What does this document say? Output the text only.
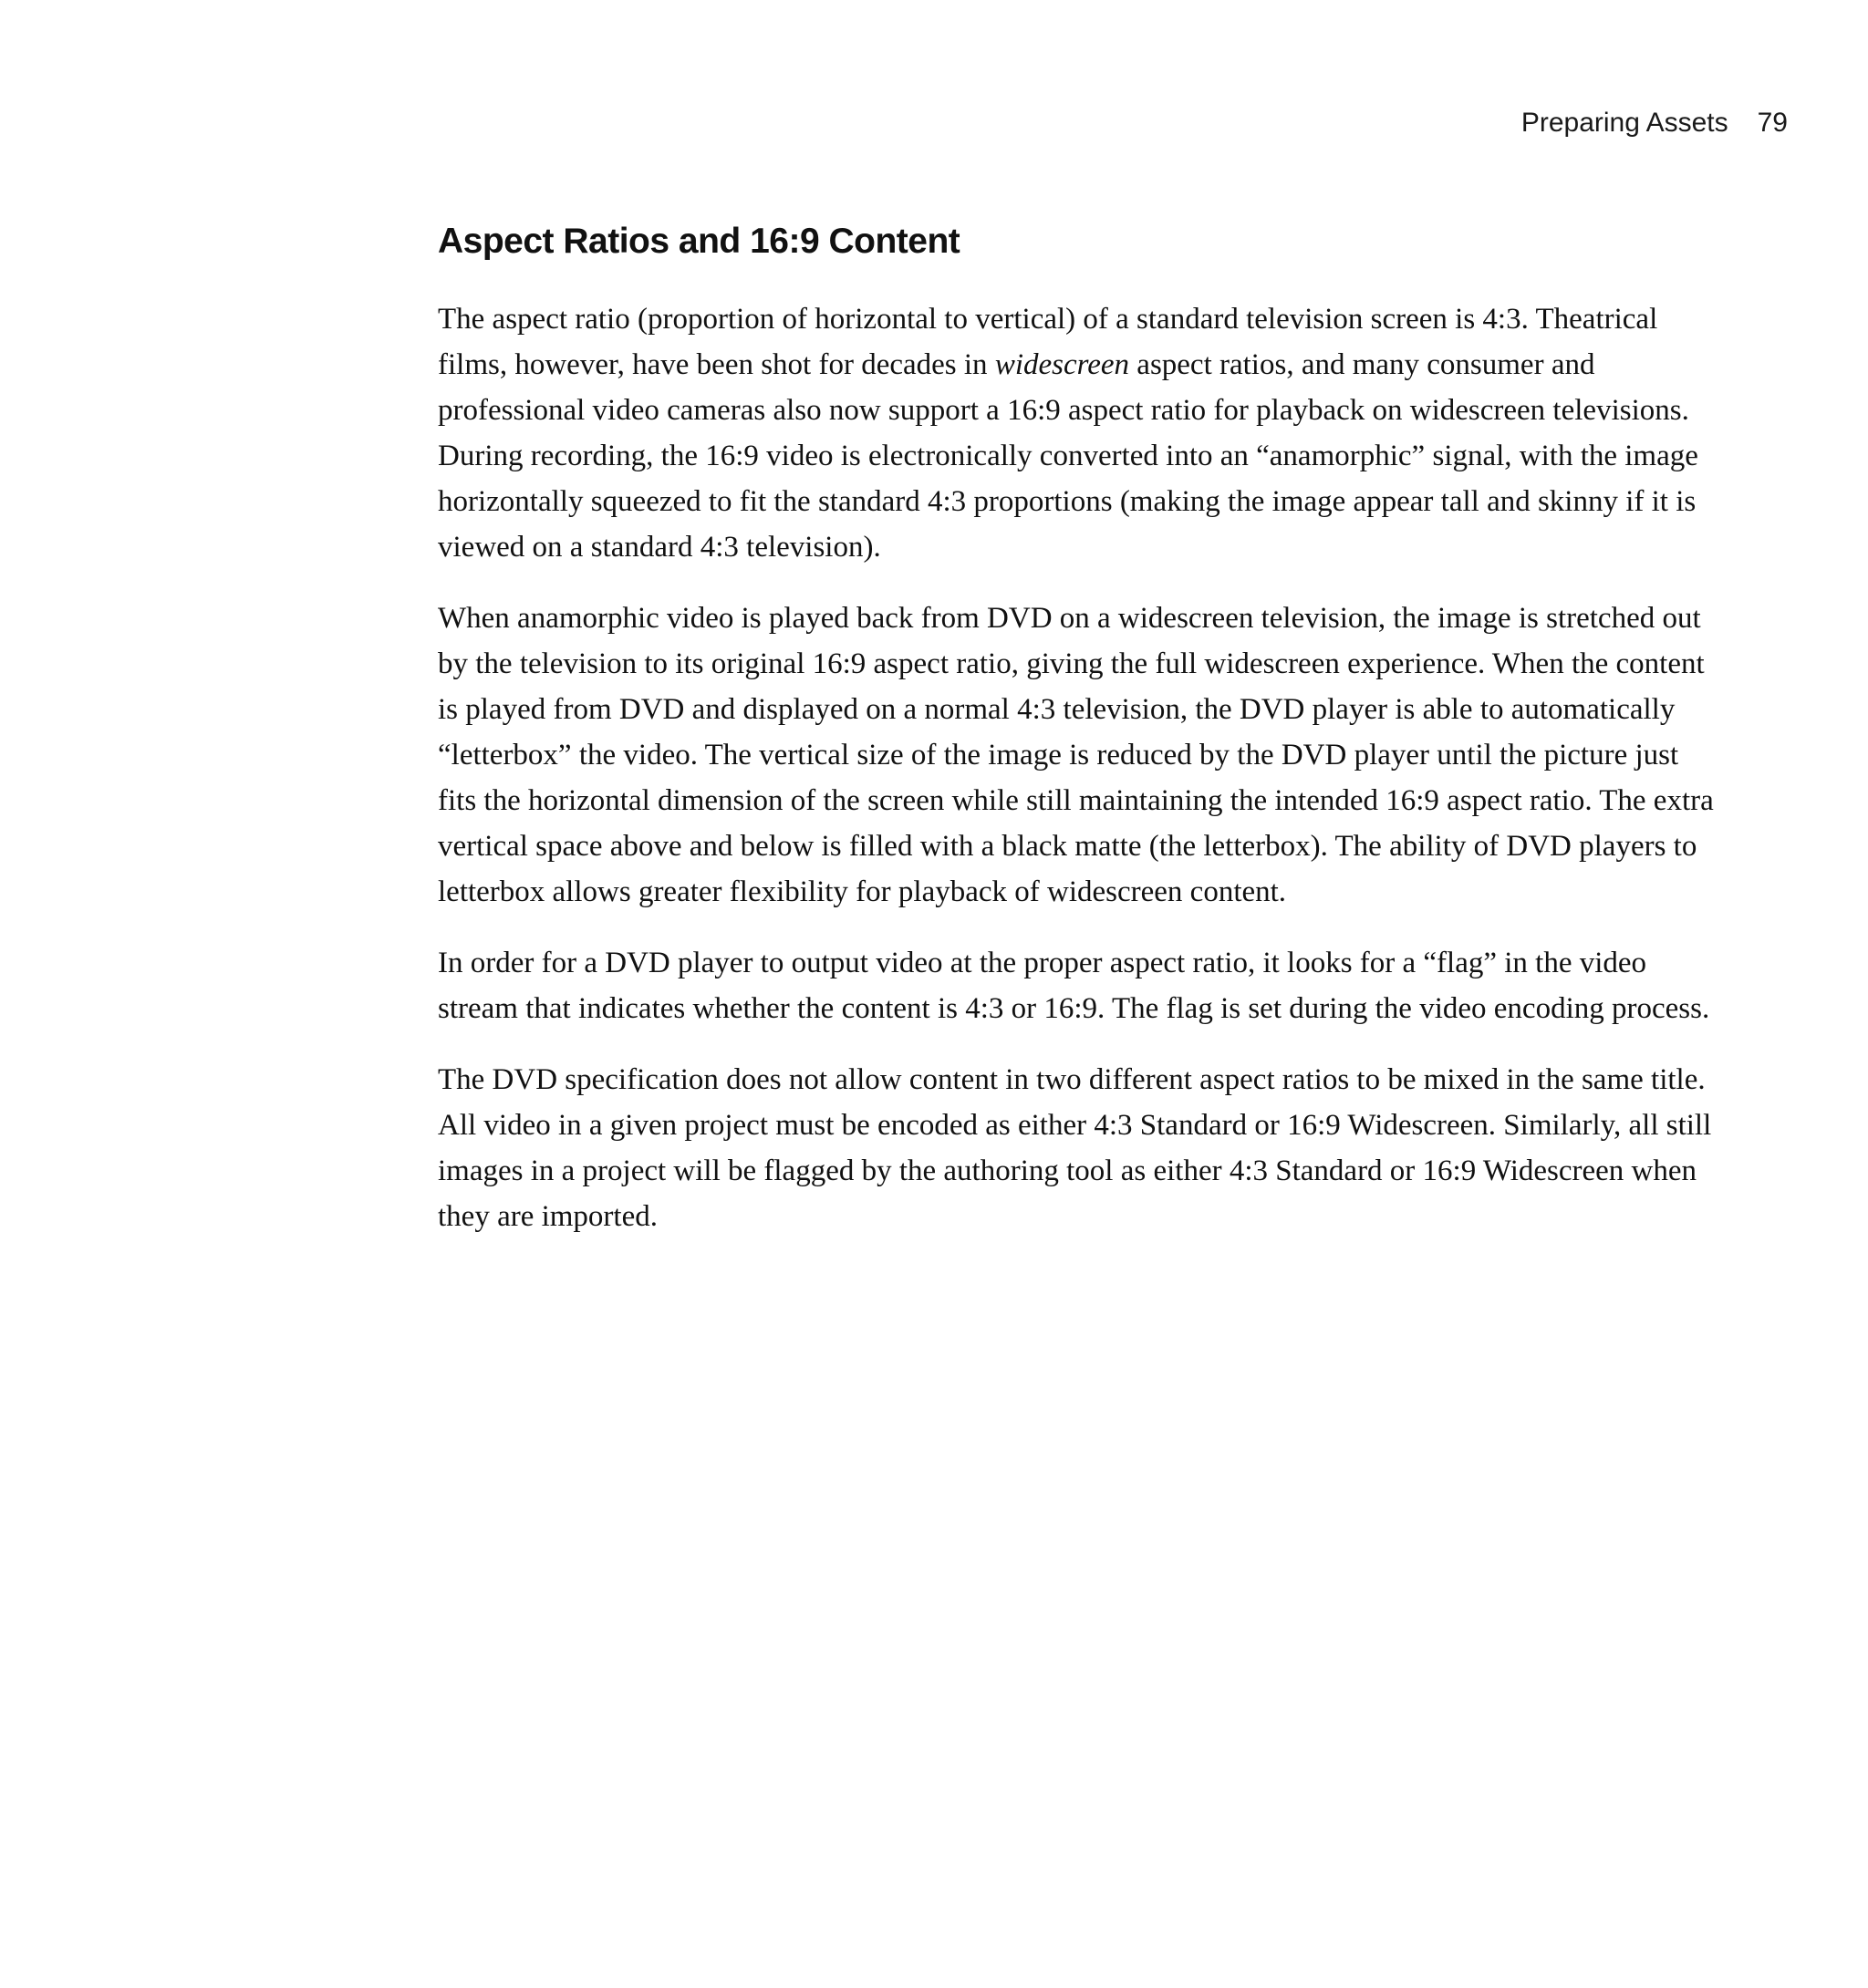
Preparing Assets 79
Aspect Ratios and 16:9 Content

The aspect ratio (proportion of horizontal to vertical) of a standard television screen is 4:3. Theatrical films, however, have been shot for decades in widescreen aspect ratios, and many consumer and professional video cameras also now support a 16:9 aspect ratio for playback on widescreen televisions. During recording, the 16:9 video is electronically converted into an “anamorphic” signal, with the image horizontally squeezed to fit the standard 4:3 proportions (making the image appear tall and skinny if it is viewed on a standard 4:3 television).

When anamorphic video is played back from DVD on a widescreen television, the image is stretched out by the television to its original 16:9 aspect ratio, giving the full widescreen experience. When the content is played from DVD and displayed on a normal 4:3 television, the DVD player is able to automatically “letterbox” the video. The vertical size of the image is reduced by the DVD player until the picture just fits the horizontal dimension of the screen while still maintaining the intended 16:9 aspect ratio. The extra vertical space above and below is filled with a black matte (the letterbox). The ability of DVD players to letterbox allows greater flexibility for playback of widescreen content.

In order for a DVD player to output video at the proper aspect ratio, it looks for a “flag” in the video stream that indicates whether the content is 4:3 or 16:9. The flag is set during the video encoding process.

The DVD specification does not allow content in two different aspect ratios to be mixed in the same title. All video in a given project must be encoded as either 4:3 Standard or 16:9 Widescreen. Similarly, all still images in a project will be flagged by the authoring tool as either 4:3 Standard or 16:9 Widescreen when they are imported.
